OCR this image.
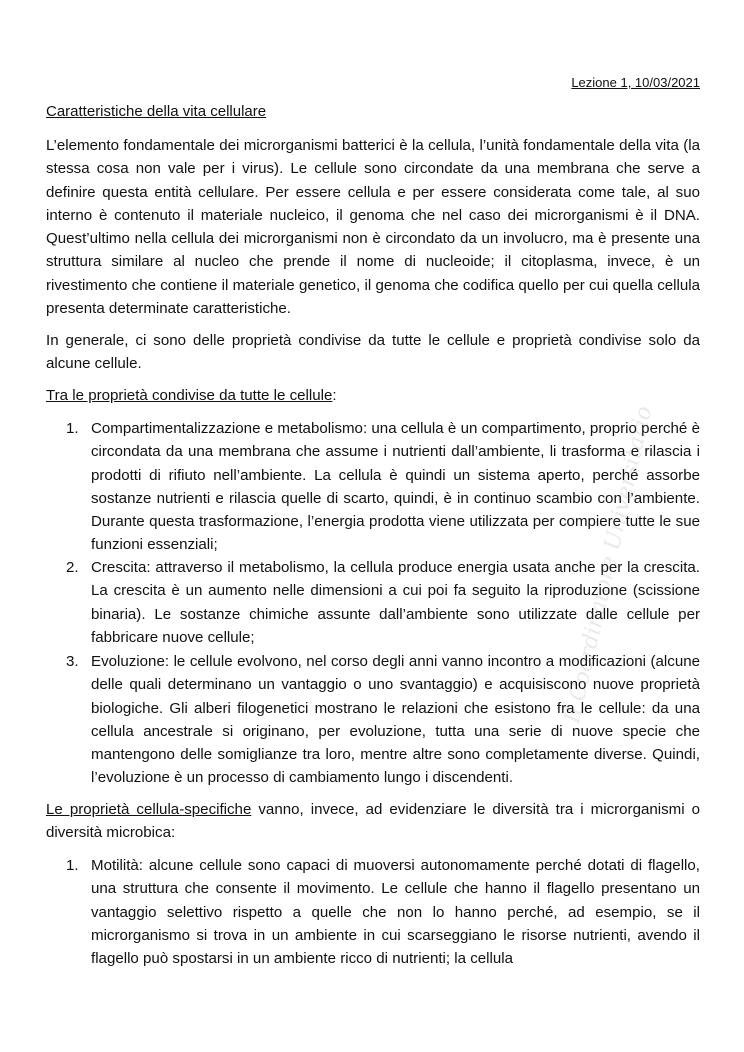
Lezione 1, 10/03/2021
Caratteristiche della vita cellulare

L’elemento fondamentale dei microrganismi batterici è la cellula, l’unità fondamentale della vita (la stessa cosa non vale per i virus). Le cellule sono circondate da una membrana che serve a definire questa entità cellulare. Per essere cellula e per essere considerata come tale, al suo interno è contenuto il materiale nucleico, il genoma che nel caso dei microrganismi è il DNA. Quest’ultimo nella cellula dei microrganismi non è circondato da un involucro, ma è presente una struttura similare al nucleo che prende il nome di nucleoide; il citoplasma, invece, è un rivestimento che contiene il materiale genetico, il genoma che codifica quello per cui quella cellula presenta determinate caratteristiche.

In generale, ci sono delle proprietà condivise da tutte le cellule e proprietà condivise solo da alcune cellule.

Tra le proprietà condivise da tutte le cellule:

1. Compartimentalizzazione e metabolismo: una cellula è un compartimento, proprio perché è circondata da una membrana che assume i nutrienti dall’ambiente, li trasforma e rilascia i prodotti di rifiuto nell’ambiente. La cellula è quindi un sistema aperto, perché assorbe sostanze nutrienti e rilascia quelle di scarto, quindi, è in continuo scambio con l’ambiente. Durante questa trasformazione, l’energia prodotta viene utilizzata per compiere tutte le sue funzioni essenziali;

2. Crescita: attraverso il metabolismo, la cellula produce energia usata anche per la crescita. La crescita è un aumento nelle dimensioni a cui poi fa seguito la riproduzione (scissione binaria). Le sostanze chimiche assunte dall’ambiente sono utilizzate dalle cellule per fabbricare nuove cellule;

3. Evoluzione: le cellule evolvono, nel corso degli anni vanno incontro a modificazioni (alcune delle quali determinano un vantaggio o uno svantaggio) e acquisiscono nuove proprietà biologiche. Gli alberi filogenetici mostrano le relazioni che esistono fra le cellule: da una cellula ancestrale si originano, per evoluzione, tutta una serie di nuove specie che mantengono delle somiglianze tra loro, mentre altre sono completamente diverse. Quindi, l’evoluzione è un processo di cambiamento lungo i discendenti.

Le proprietà cellula-specifiche vanno, invece, ad evidenziare le diversità tra i microrganismi o diversità microbica:

1. Motilità: alcune cellule sono capaci di muoversi autonomamente perché dotati di flagello, una struttura che consente il movimento. Le cellule che hanno il flagello presentano un vantaggio selettivo rispetto a quelle che non lo hanno perché, ad esempio, se il microrganismo si trova in un ambiente in cui scarseggiano le risorse nutrienti, avendo il flagello può spostarsi in un ambiente ricco di nutrienti; la cellula

Il Coordinatore Universitario
